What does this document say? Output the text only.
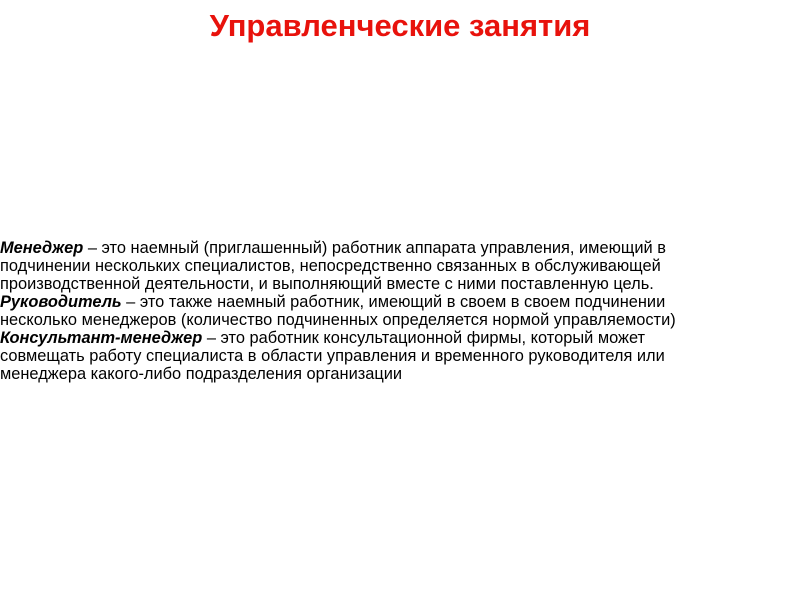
Управленческие занятия
Менеджер – это наемный (приглашенный) работник аппарата управления, имеющий в
подчинении нескольких специалистов, непосредственно связанных в обслуживающей
производственной деятельности, и выполняющий вместе с ними поставленную цель.
Руководитель – это также наемный работник, имеющий в своем в своем подчинении
несколько менеджеров (количество подчиненных определяется нормой управляемости)
Консультант-менеджер – это работник консультационной фирмы, который может
совмещать работу специалиста в области управления и временного руководителя или
менеджера какого-либо подразделения организации
